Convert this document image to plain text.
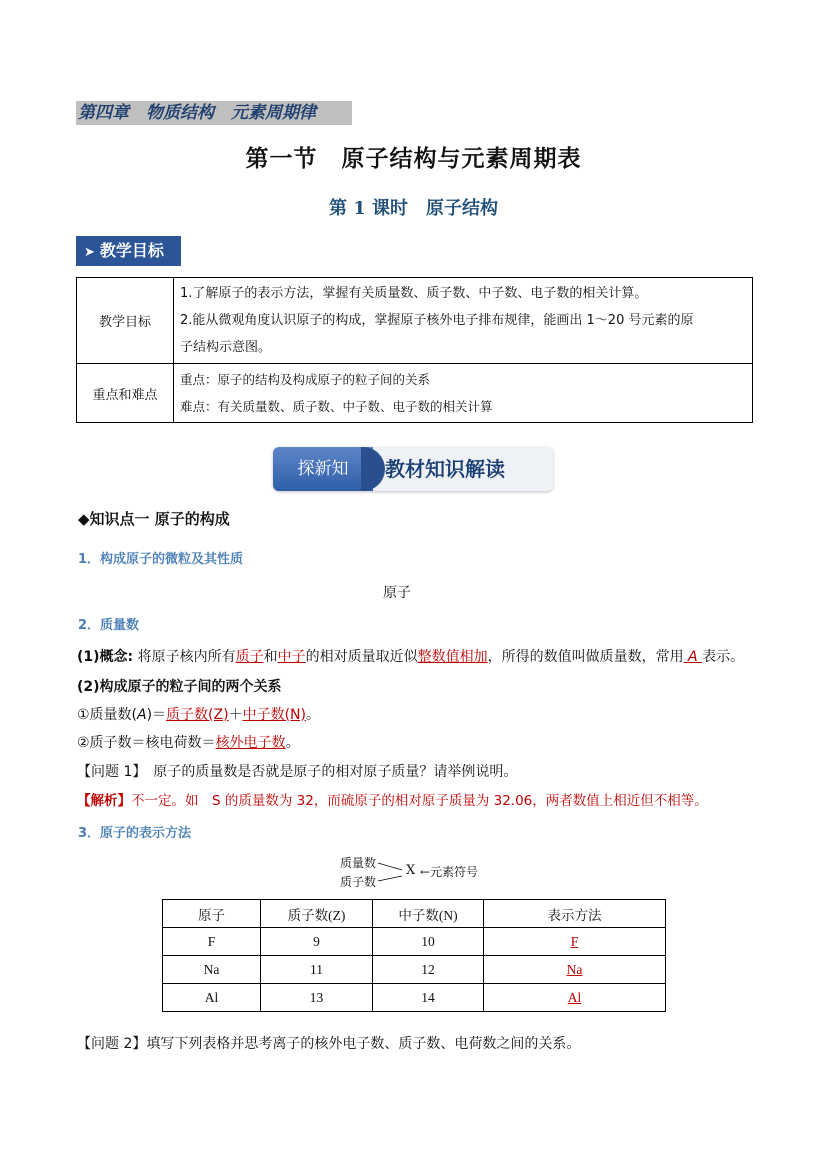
第四章　物质结构　元素周期律
第一节　原子结构与元素周期表
第 1 课时　原子结构
➤ 教学目标
教学目标	1.了解原子的表示方法，掌握有关质量数、质子数、中子数、电子数的相关计算。
2.能从微观角度认识原子的构成，掌握原子核外电子排布规律，能画出 1～20 号元素的原
子结构示意图。

重点和难点	重点：原子的结构及构成原子的粒子间的关系
难点：有关质量数、质子数、中子数、电子数的相关计算
探新知	教材知识解读
◆知识点一 原子的构成
1．构成原子的微粒及其性质
原子
2．质量数
(1)概念: 将原子核内所有质子和中子的相对质量取近似整数值相加，所得的数值叫做质量数，常用 A 表示。
(2)构成原子的粒子间的两个关系
①质量数(A)＝质子数(Z)＋中子数(N)。
②质子数＝核电荷数＝核外电子数。
【问题 1】　原子的质量数是否就是原子的相对原子质量？请举例说明。
【解析】不一定。如　S 的质量数为 32，而硫原子的相对原子质量为 32.06，两者数值上相近但不相等。
3．原子的表示方法
质量数
质子数
X ←元素符号
原子	质子数(Z)	中子数(N)	表示方法
F	9	10	F
Na	11	12	Na
Al	13	14	Al
【问题 2】填写下列表格并思考离子的核外电子数、质子数、电荷数之间的关系。
